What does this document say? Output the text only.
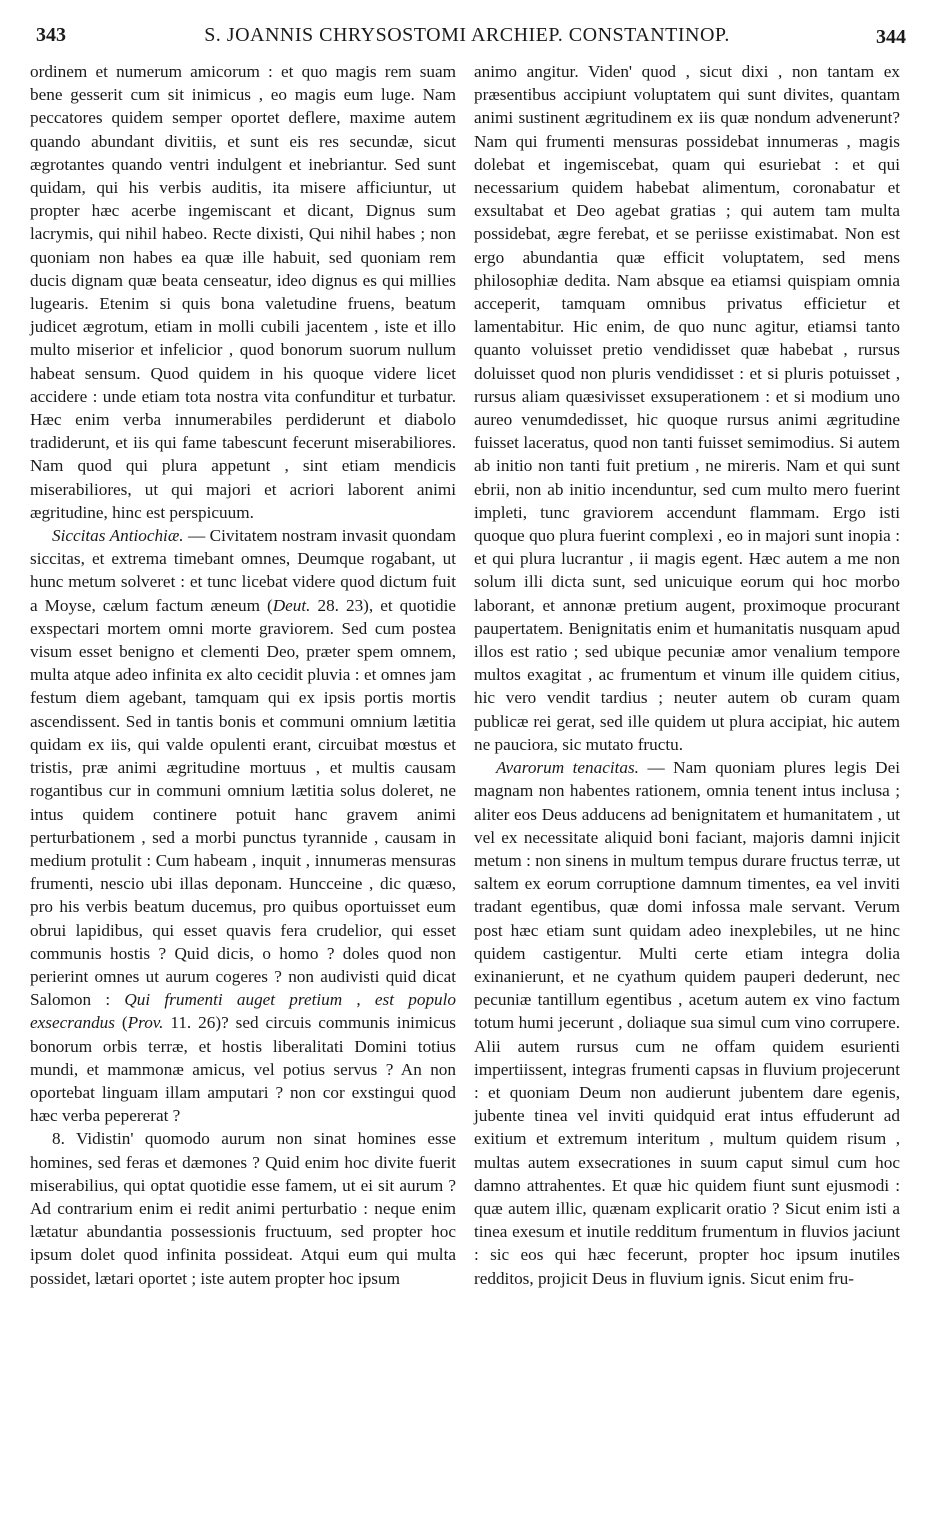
343	S. JOANNIS CHRYSOSTOMI ARCHIEP. CONSTANTINOP.	344

ordinem et numerum amicorum : et quo magis rem suam bene gesserit cum sit inimicus , eo magis eum luge. Nam peccatores quidem semper oportet deflere, maxime autem quando abundant divitiis, et sunt eis res secundæ, sicut ægrotantes quando ventri indulgent et inebriantur. Sed sunt quidam, qui his verbis auditis, ita misere afficiuntur, ut propter hæc acerbe ingemiscant et dicant, Dignus sum lacrymis, qui nihil habeo. Recte dixisti, Qui nihil habes ; non quoniam non habes ea quæ ille habuit, sed quoniam rem ducis dignam quæ beata censeatur, ideo dignus es qui millies lugearis. Etenim si quis bona valetudine fruens, beatum judicet ægrotum, etiam in molli cubili jacentem , iste et illo multo miserior et infelicior , quod bonorum suorum nullum habeat sensum. Quod quidem in his quoque videre licet accidere : unde etiam tota nostra vita confunditur et turbatur. Hæc enim verba innumerabiles perdiderunt et diabolo tradiderunt, et iis qui fame tabescunt fecerunt miserabiliores. Nam quod qui plura appetunt , sint etiam mendicis miserabiliores, ut qui majori et acriori laborent animi ægritudine, hinc est perspicuum.

Siccitas Antiochiæ. — Civitatem nostram invasit quondam siccitas, et extrema timebant omnes, Deumque rogabant, ut hunc metum solveret : et tunc licebat videre quod dictum fuit a Moyse, cælum factum æneum (Deut. 28. 23), et quotidie exspectari mortem omni morte graviorem. Sed cum postea visum esset benigno et clementi Deo, præter spem omnem, multa atque adeo infinita ex alto cecidit pluvia : et omnes jam festum diem agebant, tamquam qui ex ipsis portis mortis ascendissent. Sed in tantis bonis et communi omnium lætitia quidam ex iis, qui valde opulenti erant, circuibat mœstus et tristis, præ animi ægritudine mortuus , et multis causam rogantibus cur in communi omnium lætitia solus doleret, ne intus quidem continere potuit hanc gravem animi perturbationem , sed a morbi punctus tyrannide , causam in medium protulit : Cum habeam , inquit , innumeras mensuras frumenti, nescio ubi illas deponam. Huncceine , dic quæso, pro his verbis beatum ducemus, pro quibus oportuisset eum obrui lapidibus, qui esset quavis fera crudelior, qui esset communis hostis ? Quid dicis, o homo ? doles quod non perierint omnes ut aurum cogeres ? non audivisti quid dicat Salomon : Qui frumenti auget pretium , est populo exsecrandus (Prov. 11. 26)? sed circuis communis inimicus bonorum orbis terræ, et hostis liberalitati Domini totius mundi, et mammonæ amicus, vel potius servus ? An non oportebat linguam illam amputari ? non cor exstingui quod hæc verba pepererat ?

8. Vidistin' quomodo aurum non sinat homines esse homines, sed feras et dæmones ? Quid enim hoc divite fuerit miserabilius, qui optat quotidie esse famem, ut ei sit aurum ? Ad contrarium enim ei redit animi perturbatio : neque enim lætatur abundantia possessionis fructuum, sed propter hoc ipsum dolet quod infinita possideat. Atqui eum qui multa possidet, lætari oportet ; iste autem propter hoc ipsum

animo angitur. Viden' quod , sicut dixi , non tantam ex præsentibus accipiunt voluptatem qui sunt divites, quantam animi sustinent ægritudinem ex iis quæ nondum advenerunt? Nam qui frumenti mensuras possidebat innumeras , magis dolebat et ingemiscebat, quam qui esuriebat : et qui necessarium quidem habebat alimentum, coronabatur et exsultabat et Deo agebat gratias ; qui autem tam multa possidebat, ægre ferebat, et se periisse existimabat. Non est ergo abundantia quæ efficit voluptatem, sed mens philosophiæ dedita. Nam absque ea etiamsi quispiam omnia acceperit, tamquam omnibus privatus efficietur et lamentabitur. Hic enim, de quo nunc agitur, etiamsi tanto quanto voluisset pretio vendidisset quæ habebat , rursus doluisset quod non pluris vendidisset : et si pluris potuisset , rursus aliam quæsivisset exsuperationem : et si modium uno aureo venumdedisset, hic quoque rursus animi ægritudine fuisset laceratus, quod non tanti fuisset semimodius. Si autem ab initio non tanti fuit pretium , ne mireris. Nam et qui sunt ebrii, non ab initio incenduntur, sed cum multo mero fuerint impleti, tunc graviorem accendunt flammam. Ergo isti quoque quo plura fuerint complexi , eo in majori sunt inopia : et qui plura lucrantur , ii magis egent. Hæc autem a me non solum illi dicta sunt, sed unicuique eorum qui hoc morbo laborant, et annonæ pretium augent, proximoque procurant paupertatem. Benignitatis enim et humanitatis nusquam apud illos est ratio ; sed ubique pecuniæ amor venalium tempore multos exagitat , ac frumentum et vinum ille quidem citius, hic vero vendit tardius ; neuter autem ob curam quam publicæ rei gerat, sed ille quidem ut plura accipiat, hic autem ne pauciora, sic mutato fructu.

Avarorum tenacitas. — Nam quoniam plures legis Dei magnam non habentes rationem, omnia tenent intus inclusa ; aliter eos Deus adducens ad benignitatem et humanitatem , ut vel ex necessitate aliquid boni faciant, majoris damni injicit metum : non sinens in multum tempus durare fructus terræ, ut saltem ex eorum corruptione damnum timentes, ea vel inviti tradant egentibus, quæ domi infossa male servant. Verum post hæc etiam sunt quidam adeo inexplebiles, ut ne hinc quidem castigentur. Multi certe etiam integra dolia exinanierunt, et ne cyathum quidem pauperi dederunt, nec pecuniæ tantillum egentibus , acetum autem ex vino factum totum humi jecerunt , doliaque sua simul cum vino corrupere. Alii autem rursus cum ne offam quidem esurienti impertiissent, integras frumenti capsas in fluvium projecerunt : et quoniam Deum non audierunt jubentem dare egenis, jubente tinea vel inviti quidquid erat intus effuderunt ad exitium et extremum interitum , multum quidem risum , multas autem exsecrationes in suum caput simul cum hoc damno attrahentes. Et quæ hic quidem fiunt sunt ejusmodi : quæ autem illic, quænam explicarit oratio ? Sicut enim isti a tinea exesum et inutile redditum frumentum in fluvios jaciunt : sic eos qui hæc fecerunt, propter hoc ipsum inutiles redditos, projicit Deus in fluvium ignis. Sicut enim fru-
